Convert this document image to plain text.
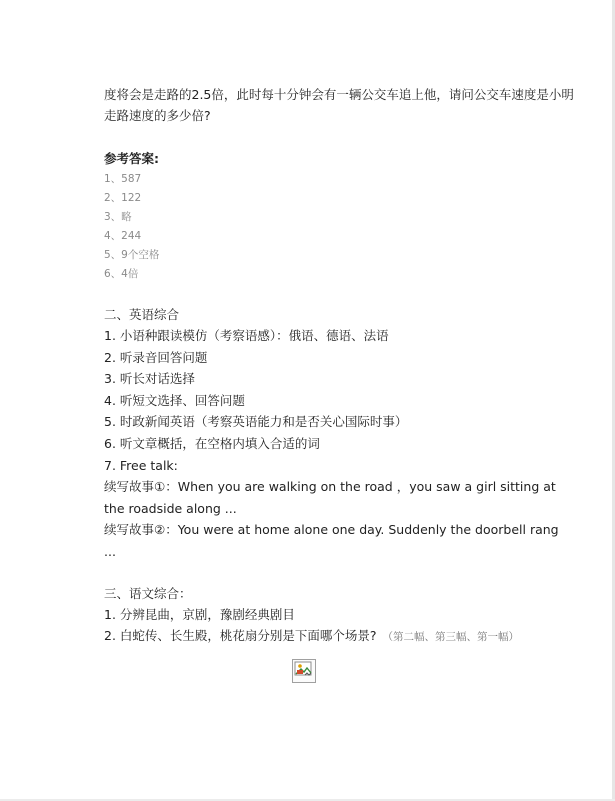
度将会是走路的2.5倍，此时每十分钟会有一辆公交车追上他，请问公交车速度是小明走路速度的多少倍?

参考答案:

1、587
2、122
3、略
4、244
5、9个空格
6、4倍

二、英语综合

1. 小语种跟读模仿（考察语感）：俄语、德语、法语
2. 听录音回答问题
3. 听长对话选择
4. 听短文选择、回答问题
5. 时政新闻英语（考察英语能力和是否关心国际时事）
6. 听文章概括，在空格内填入合适的词
7. Free talk:
续写故事①：When you are walking on the road ，you saw a girl sitting at the roadside along ...
续写故事②：You were at home alone one day. Suddenly the doorbell rang ...

三、语文综合：

1. 分辨昆曲，京剧，豫剧经典剧目
2. 白蛇传、长生殿，桃花扇分别是下面哪个场景? （第二幅、第三幅、第一幅）
